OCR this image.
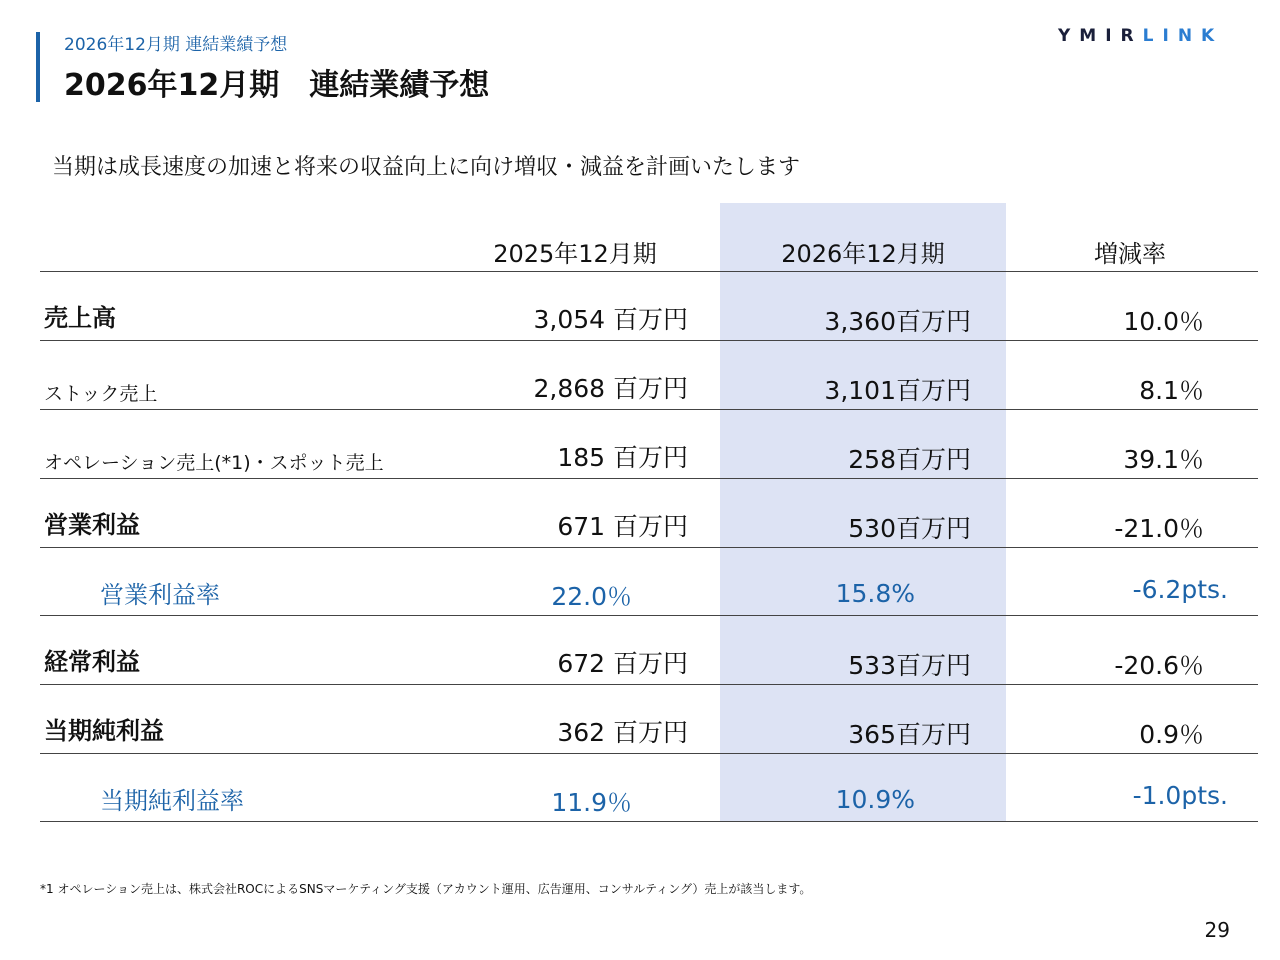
2026年12月期 連結業績予想
2026年12月期　連結業績予想
YMIRLINK
当期は成長速度の加速と将来の収益向上に向け増収・減益を計画いたします
2025年12月期	2026年12月期	増減率
売上高	3,054 百万円	3,360百万円	10.0％
ストック売上	2,868 百万円	3,101百万円	8.1％
オペレーション売上(*1)・スポット売上	185 百万円	258百万円	39.1％
営業利益	671 百万円	530百万円	-21.0％
営業利益率	22.0％	15.8%	-6.2pts.
経常利益	672 百万円	533百万円	-20.6％
当期純利益	362 百万円	365百万円	0.9％
当期純利益率	11.9％	10.9%	-1.0pts.
*1 オペレーション売上は、株式会社ROCによるSNSマーケティング支援（アカウント運用、広告運用、コンサルティング）売上が該当します。
29
